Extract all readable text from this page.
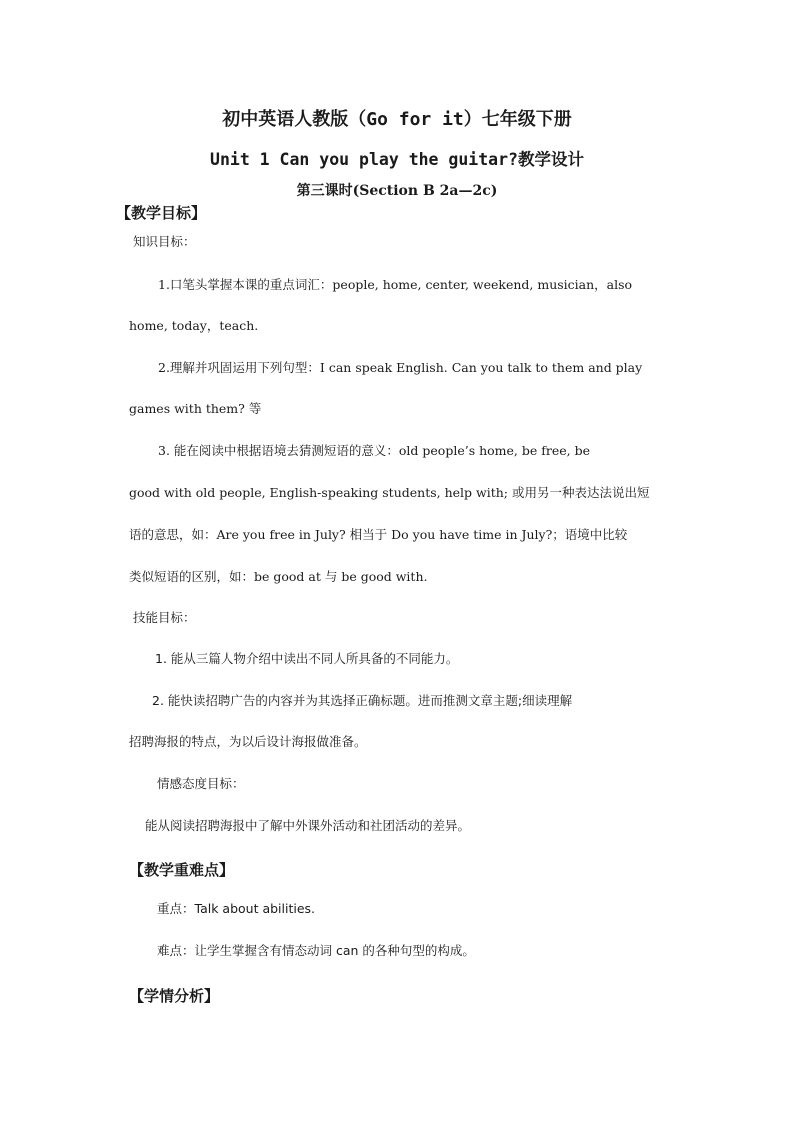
初中英语人教版（Go for it）七年级下册
Unit 1 Can you play the guitar?教学设计
第三课时(Section B 2a—2c)
【教学目标】
知识目标：
1.口笔头掌握本课的重点词汇：people, home, center, weekend, musician，also
home, today，teach.
2.理解并巩固运用下列句型：I can speak English. Can you talk to them and play
games with them? 等
3. 能在阅读中根据语境去猜测短语的意义：old people’s home, be free, be
good with old people, English-speaking students, help with; 或用另一种表达法说出短
语的意思，如：Are you free in July? 相当于 Do you have time in July?；语境中比较
类似短语的区别，如：be good at 与 be good with.
技能目标：
1. 能从三篇人物介绍中读出不同人所具备的不同能力。
2. 能快读招聘广告的内容并为其选择正确标题。进而推测文章主题;细读理解
招聘海报的特点，为以后设计海报做准备。
情感态度目标：
能从阅读招聘海报中了解中外课外活动和社团活动的差异。
【教学重难点】
重点：Talk about abilities.
难点：让学生掌握含有情态动词 can 的各种句型的构成。
【学情分析】
